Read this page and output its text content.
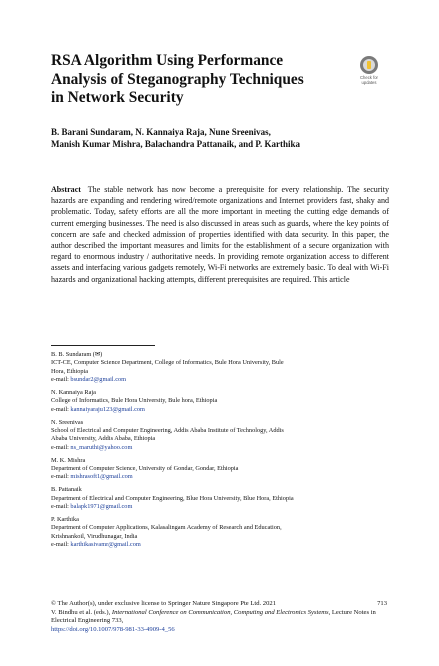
RSA Algorithm Using Performance
Analysis of Steganography Techniques
in Network Security
Check for
updates
B. Barani Sundaram, N. Kannaiya Raja, Nune Sreenivas,
Manish Kumar Mishra, Balachandra Pattanaik, and P. Karthika
Abstract The stable network has now become a prerequisite for every relationship. The security hazards are expanding and rendering wired/remote organizations and Internet providers fast, shaky and problematic. Today, safety efforts are all the more important in meeting the cutting edge demands of current emerging businesses. The need is also discussed in areas such as guards, where the key points of concern are safe and checked admission of properties identified with data security. In this paper, the author described the important measures and limits for the establishment of a secure organization with regard to enormous industry / authoritative needs. In providing remote organization access to different assets and interfacing various gadgets remotely, Wi-Fi networks are extremely basic. To deal with Wi-Fi hazards and organizational hacking attempts, different prerequisites are required. This article
B. B. Sundaram (✉)
ICT-CE, Computer Science Department, College of Informatics, Bule Hora University, Bule
Hora, Ethiopia
e-mail: bsundar2@gmail.com
N. Kannaiya Raja
College of Informatics, Bule Hora University, Bule hora, Ethiopia
e-mail: kannaiyaraju123@gmail.com
N. Sreenivas
School of Electrical and Computer Engineering, Addis Ababa Institute of Technology, Addis
Ababa University, Addis Ababa, Ethiopia
e-mail: ns_maruthi@yahoo.com
M. K. Mishra
Department of Computer Science, University of Gondar, Gondar, Ethiopia
e-mail: mishrasoft1@gmail.com
B. Pattanaik
Department of Electrical and Computer Engineering, Blue Hora University, Blue Hora, Ethiopia
e-mail: balapk1971@gmail.com
P. Karthika
Department of Computer Applications, Kalasalingam Academy of Research and Education,
Krishnankoil, Virudhunagar, India
e-mail: karthikasivamr@gmail.com
© The Author(s), under exclusive license to Springer Nature Singapore Pte Ltd. 2021	713
V. Bindhu et al. (eds.), International Conference on Communication, Computing and Electronics Systems, Lecture Notes in Electrical Engineering 733,
https://doi.org/10.1007/978-981-33-4909-4_56
